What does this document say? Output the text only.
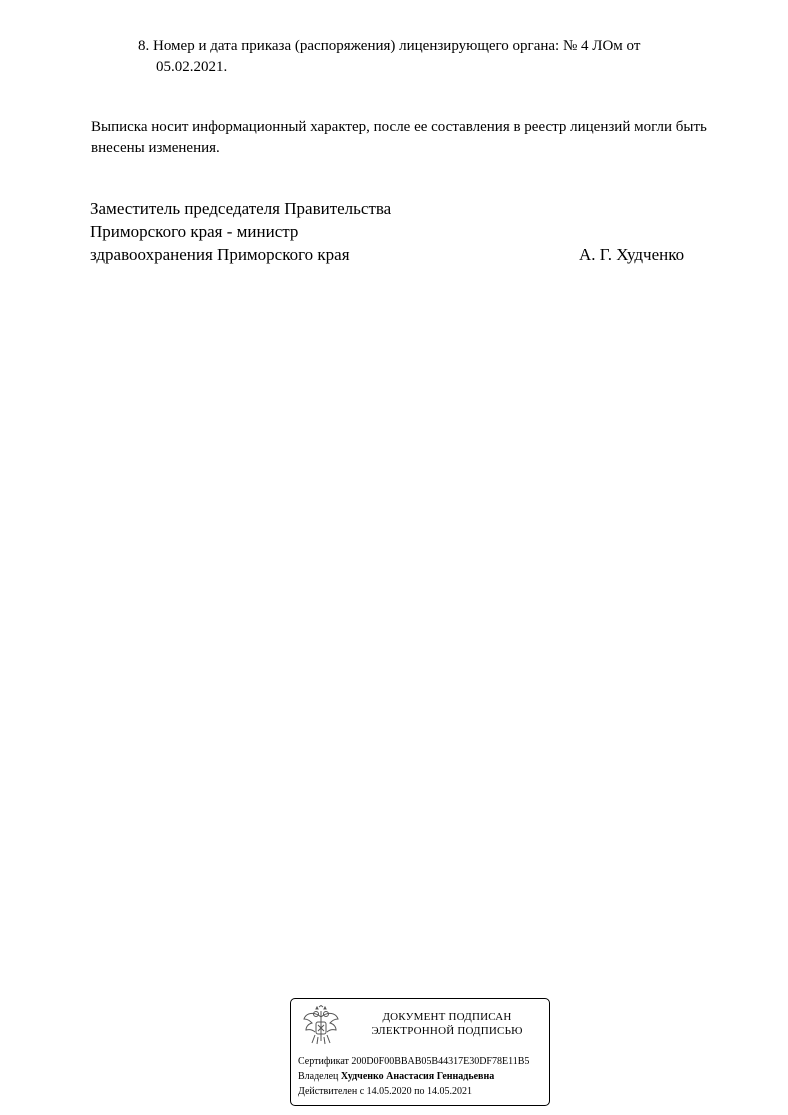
8. Номер и дата приказа (распоряжения) лицензирующего органа: № 4 ЛОм от
05.02.2021.
Выписка носит информационный характер, после ее составления в реестр лицензий могли быть
внесены изменения.
Заместитель председателя Правительства
Приморского края - министр
здравоохранения Приморского края	А. Г. Худченко
ДОКУМЕНТ ПОДПИСАН
ЭЛЕКТРОННОЙ ПОДПИСЬЮ
Сертификат 200D0F00BBAB05B44317E30DF78E11B5
Владелец Худченко Анастасия Геннадьевна
Действителен с 14.05.2020 по 14.05.2021
